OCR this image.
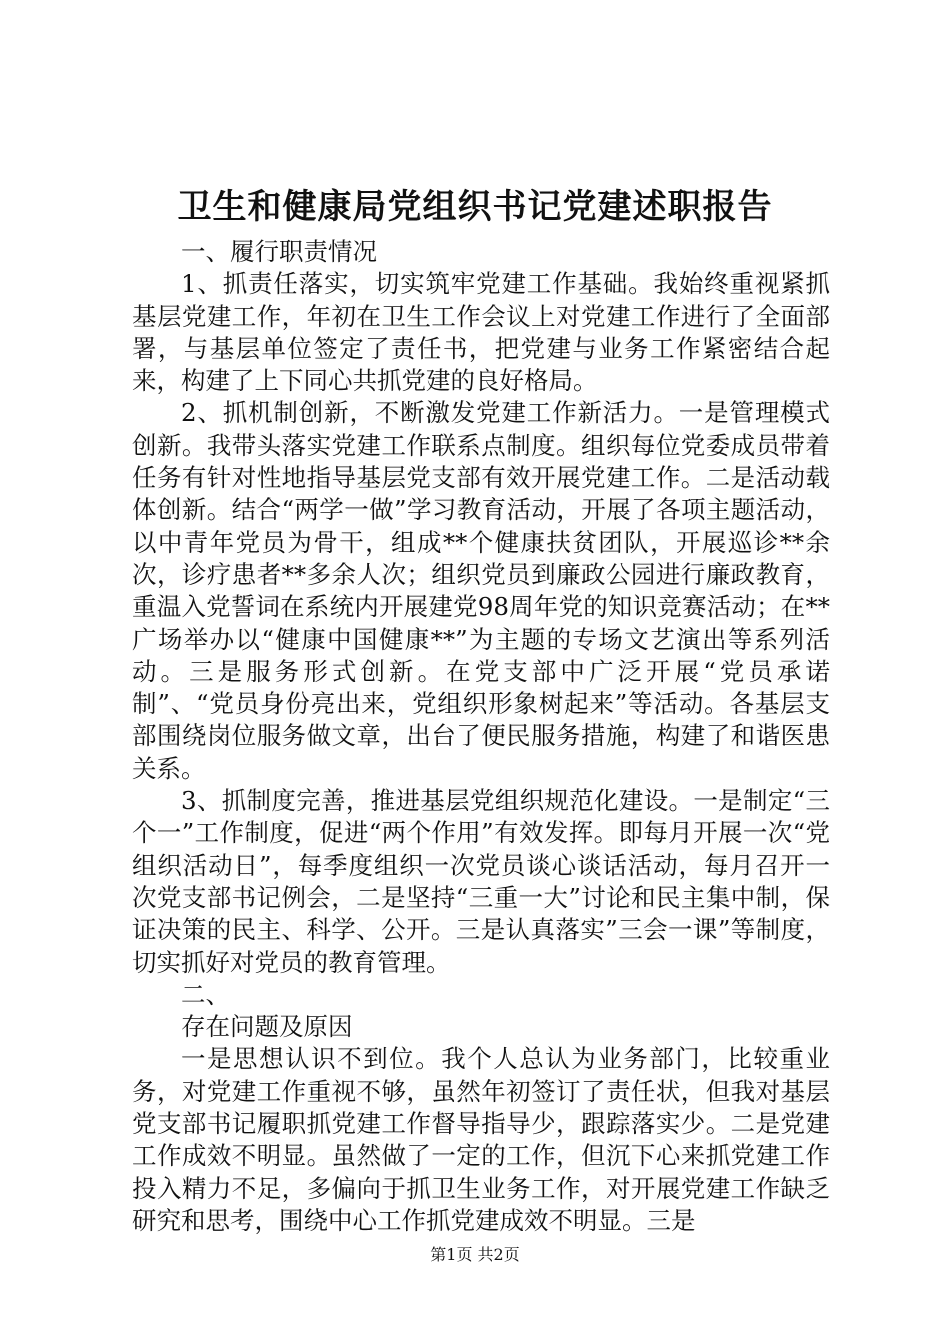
卫生和健康局党组织书记党建述职报告

一、履行职责情况

1、抓责任落实，切实筑牢党建工作基础。我始终重视紧抓基层党建工作，年初在卫生工作会议上对党建工作进行了全面部署，与基层单位签定了责任书，把党建与业务工作紧密结合起来，构建了上下同心共抓党建的良好格局。

2、抓机制创新，不断激发党建工作新活力。一是管理模式创新。我带头落实党建工作联系点制度。组织每位党委成员带着任务有针对性地指导基层党支部有效开展党建工作。二是活动载体创新。结合“两学一做”学习教育活动，开展了各项主题活动，以中青年党员为骨干，组成**个健康扶贫团队，开展巡诊**余次，诊疗患者**多余人次；组织党员到廉政公园进行廉政教育，重温入党誓词在系统内开展建党98周年党的知识竞赛活动；在**广场举办以“健康中国健康**”为主题的专场文艺演出等系列活动。三是服务形式创新。在党支部中广泛开展“党员承诺制”、“党员身份亮出来，党组织形象树起来”等活动。各基层支部围绕岗位服务做文章，出台了便民服务措施，构建了和谐医患关系。

3、抓制度完善，推进基层党组织规范化建设。一是制定“三个一”工作制度，促进“两个作用”有效发挥。即每月开展一次“党组织活动日”，每季度组织一次党员谈心谈话活动，每月召开一次党支部书记例会，二是坚持“三重一大”讨论和民主集中制，保证决策的民主、科学、公开。三是认真落实”三会一课”等制度，切实抓好对党员的教育管理。

二、

存在问题及原因

一是思想认识不到位。我个人总认为业务部门，比较重业务，对党建工作重视不够，虽然年初签订了责任状，但我对基层党支部书记履职抓党建工作督导指导少，跟踪落实少。二是党建工作成效不明显。虽然做了一定的工作，但沉下心来抓党建工作投入精力不足，多偏向于抓卫生业务工作，对开展党建工作缺乏研究和思考，围绕中心工作抓党建成效不明显。三是

第1页 共2页
